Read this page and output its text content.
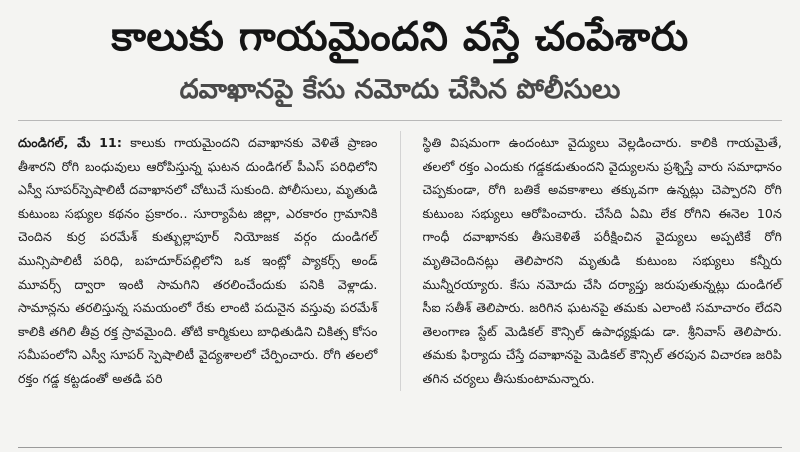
కాలుకు గాయమైందని వస్తే చంపేశారు
దవాఖానపై కేసు నమోదు చేసిన పోలీసులు

దుండిగల్, మే 11: కాలుకు గాయమైందని దవాఖానకు వెళితే ప్రాణం తీశారని రోగి బంధువులు ఆరోపిస్తున్న ఘటన దుండిగల్ పీఎస్ పరిధిలోని ఎస్వీ సూపర్‌స్పెషాలిటీ దవాఖానలో చోటుచే సుకుంది. పోలీసులు, మృతుడి కుటుంబ సభ్యుల కథనం ప్రకారం.. సూర్యాపేట జిల్లా, ఎరకారం గ్రామానికి చెందిన కుర్ర పరమేశ్ కుత్బుల్లాపూర్ నియోజక వర్గం దుండిగల్ మున్సిపాలిటీ పరిధి, బహదూర్‌పల్లిలోని ఒక ఇంట్లో ప్యాకర్స్ అండ్ మూవర్స్ ద్వారా ఇంటి సామగిని తరలించేందుకు పనికి వెళ్లాడు. సామాన్లను తరలిస్తున్న సమయంలో రేకు లాంటి పదునైన వస్తువు పరమేశ్ కాలికి తగిలి తీవ్ర రక్త స్రావమైంది. తోటి కార్మికులు బాధితుడిని చికిత్స కోసం సమీపంలోని ఎస్వీ సూపర్ స్పెషాలిటీ వైద్యశాలలో చేర్పించారు. రోగి తలలో రక్తం గడ్డ కట్టడంతో అతడి పరి

స్థితి విషమంగా ఉందంటూ వైద్యులు వెల్లడించారు. కాలికి గాయమైతే, తలలో రక్తం ఎందుకు గడ్డకడుతుందని వైద్యులను ప్రశ్నిస్తే వారు సమాధానం చెప్పకుండా, రోగి బతికే అవకాశాలు తక్కువగా ఉన్నట్లు చెప్పారని రోగి కుటుంబ సభ్యులు ఆరోపించారు. చేసేది ఏమి లేక రోగిని ఈనెల 10న గాంధీ దవాఖానకు తీసుకెళితే పరీక్షించిన వైద్యులు అప్పటికే రోగి మృతిచెందినట్లు తెలిపారని మృతుడి కుటుంబ సభ్యులు కన్నీరు మున్నీరయ్యారు. కేసు నమోదు చేసి దర్యాప్తు జరుపుతున్నట్లు దుండిగల్ సీఐ సతీశ్ తెలిపారు. జరిగిన ఘటనపై తమకు ఎలాంటి సమాచారం లేదని తెలంగాణ స్టేట్ మెడికల్ కౌన్సిల్ ఉపాధ్యక్షుడు డా. శ్రీనివాస్ తెలిపారు. తమకు ఫిర్యాదు చేస్తే దవాఖానపై మెడికల్ కౌన్సిల్ తరపున విచారణ జరిపి తగిన చర్యలు తీసుకుంటామన్నారు.
